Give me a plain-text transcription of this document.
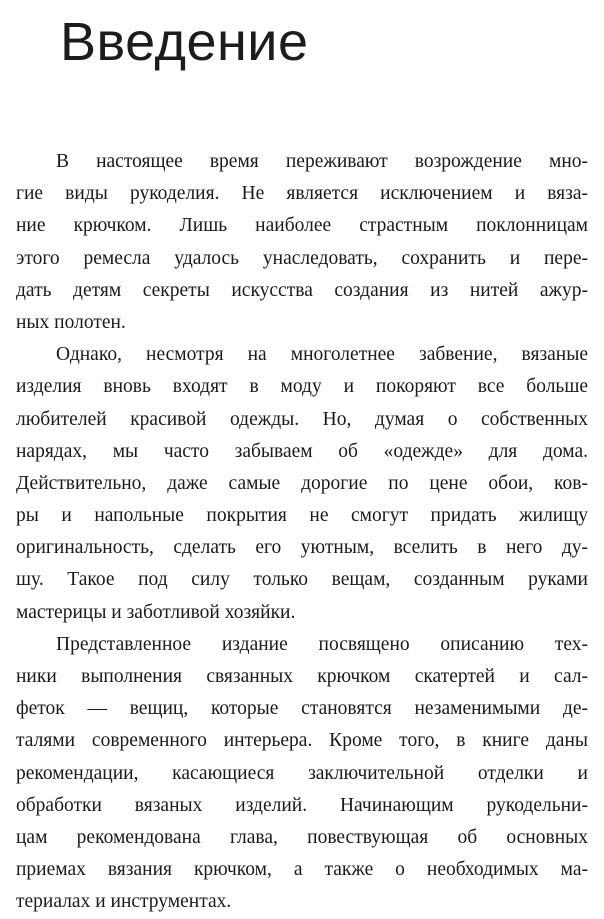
Введение

В настоящее время переживают возрождение мно-
гие виды рукоделия. Не является исключением и вяза-
ние крючком. Лишь наиболее страстным поклонницам
этого ремесла удалось унаследовать, сохранить и пере-
дать детям секреты искусства создания из нитей ажур-
ных полотен.

Однако, несмотря на многолетнее забвение, вязаные
изделия вновь входят в моду и покоряют все больше
любителей красивой одежды. Но, думая о собственных
нарядах, мы часто забываем об «одежде» для дома.
Действительно, даже самые дорогие по цене обои, ков-
ры и напольные покрытия не смогут придать жилищу
оригинальность, сделать его уютным, вселить в него ду-
шу. Такое под силу только вещам, созданным руками
мастерицы и заботливой хозяйки.

Представленное издание посвящено описанию тех-
ники выполнения связанных крючком скатертей и сал-
феток — вещиц, которые становятся незаменимыми де-
талями современного интерьера. Кроме того, в книге даны
рекомендации, касающиеся заключительной отделки и
обработки вязаных изделий. Начинающим рукодельни-
цам рекомендована глава, повествующая об основных
приемах вязания крючком, а также о необходимых ма-
териалах и инструментах.
